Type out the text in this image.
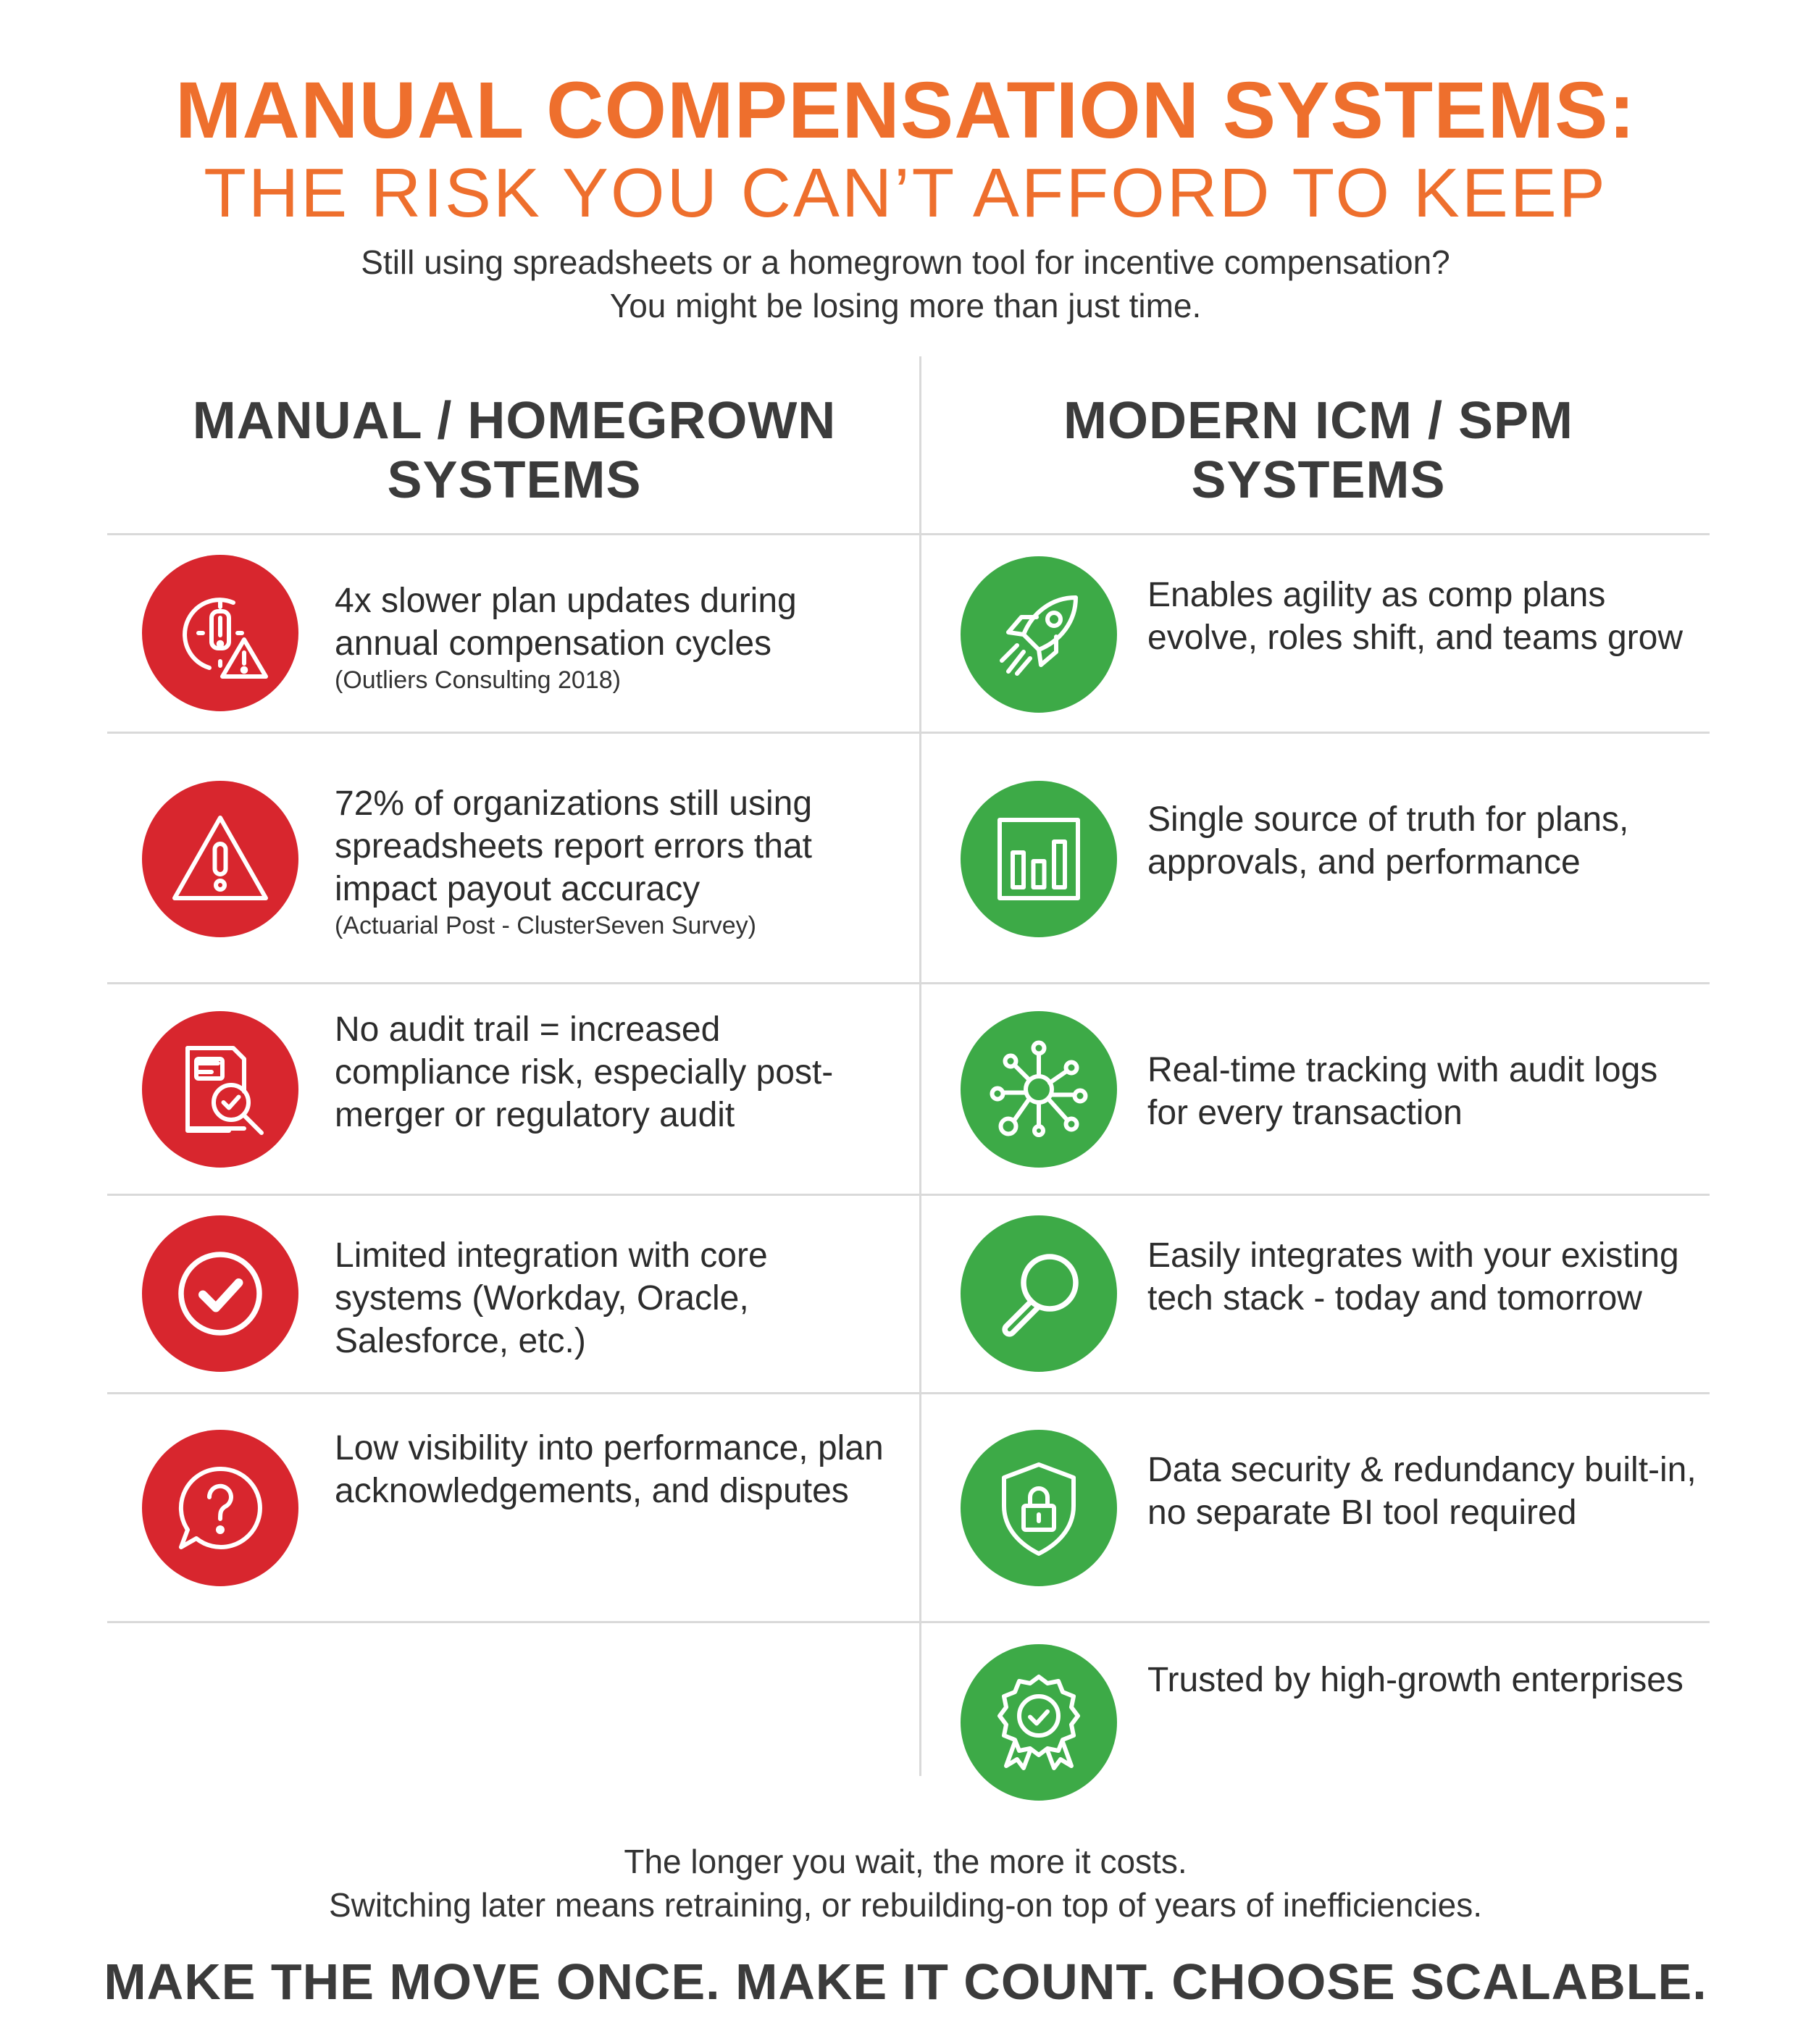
MANUAL COMPENSATION SYSTEMS:
THE RISK YOU CAN’T AFFORD TO KEEP
Still using spreadsheets or a homegrown tool for incentive compensation?
You might be losing more than just time.
MANUAL / HOMEGROWN
SYSTEMS
MODERN ICM / SPM
SYSTEMS
4x slower plan updates during annual compensation cycles
(Outliers Consulting 2018)
72% of organizations still using spreadsheets report errors that impact payout accuracy
(Actuarial Post - ClusterSeven Survey)
No audit trail = increased compliance risk, especially post-merger or regulatory audit
Limited integration with core systems (Workday, Oracle, Salesforce, etc.)
Low visibility into performance, plan acknowledgements, and disputes
Enables agility as comp plans evolve, roles shift, and teams grow
Single source of truth for plans, approvals, and performance
Real-time tracking with audit logs for every transaction
Easily integrates with your existing tech stack - today and tomorrow
Data security & redundancy built-in, no separate BI tool required
Trusted by high-growth enterprises
The longer you wait, the more it costs.
Switching later means retraining, or rebuilding-on top of years of inefficiencies.
MAKE THE MOVE ONCE. MAKE IT COUNT. CHOOSE SCALABLE.
